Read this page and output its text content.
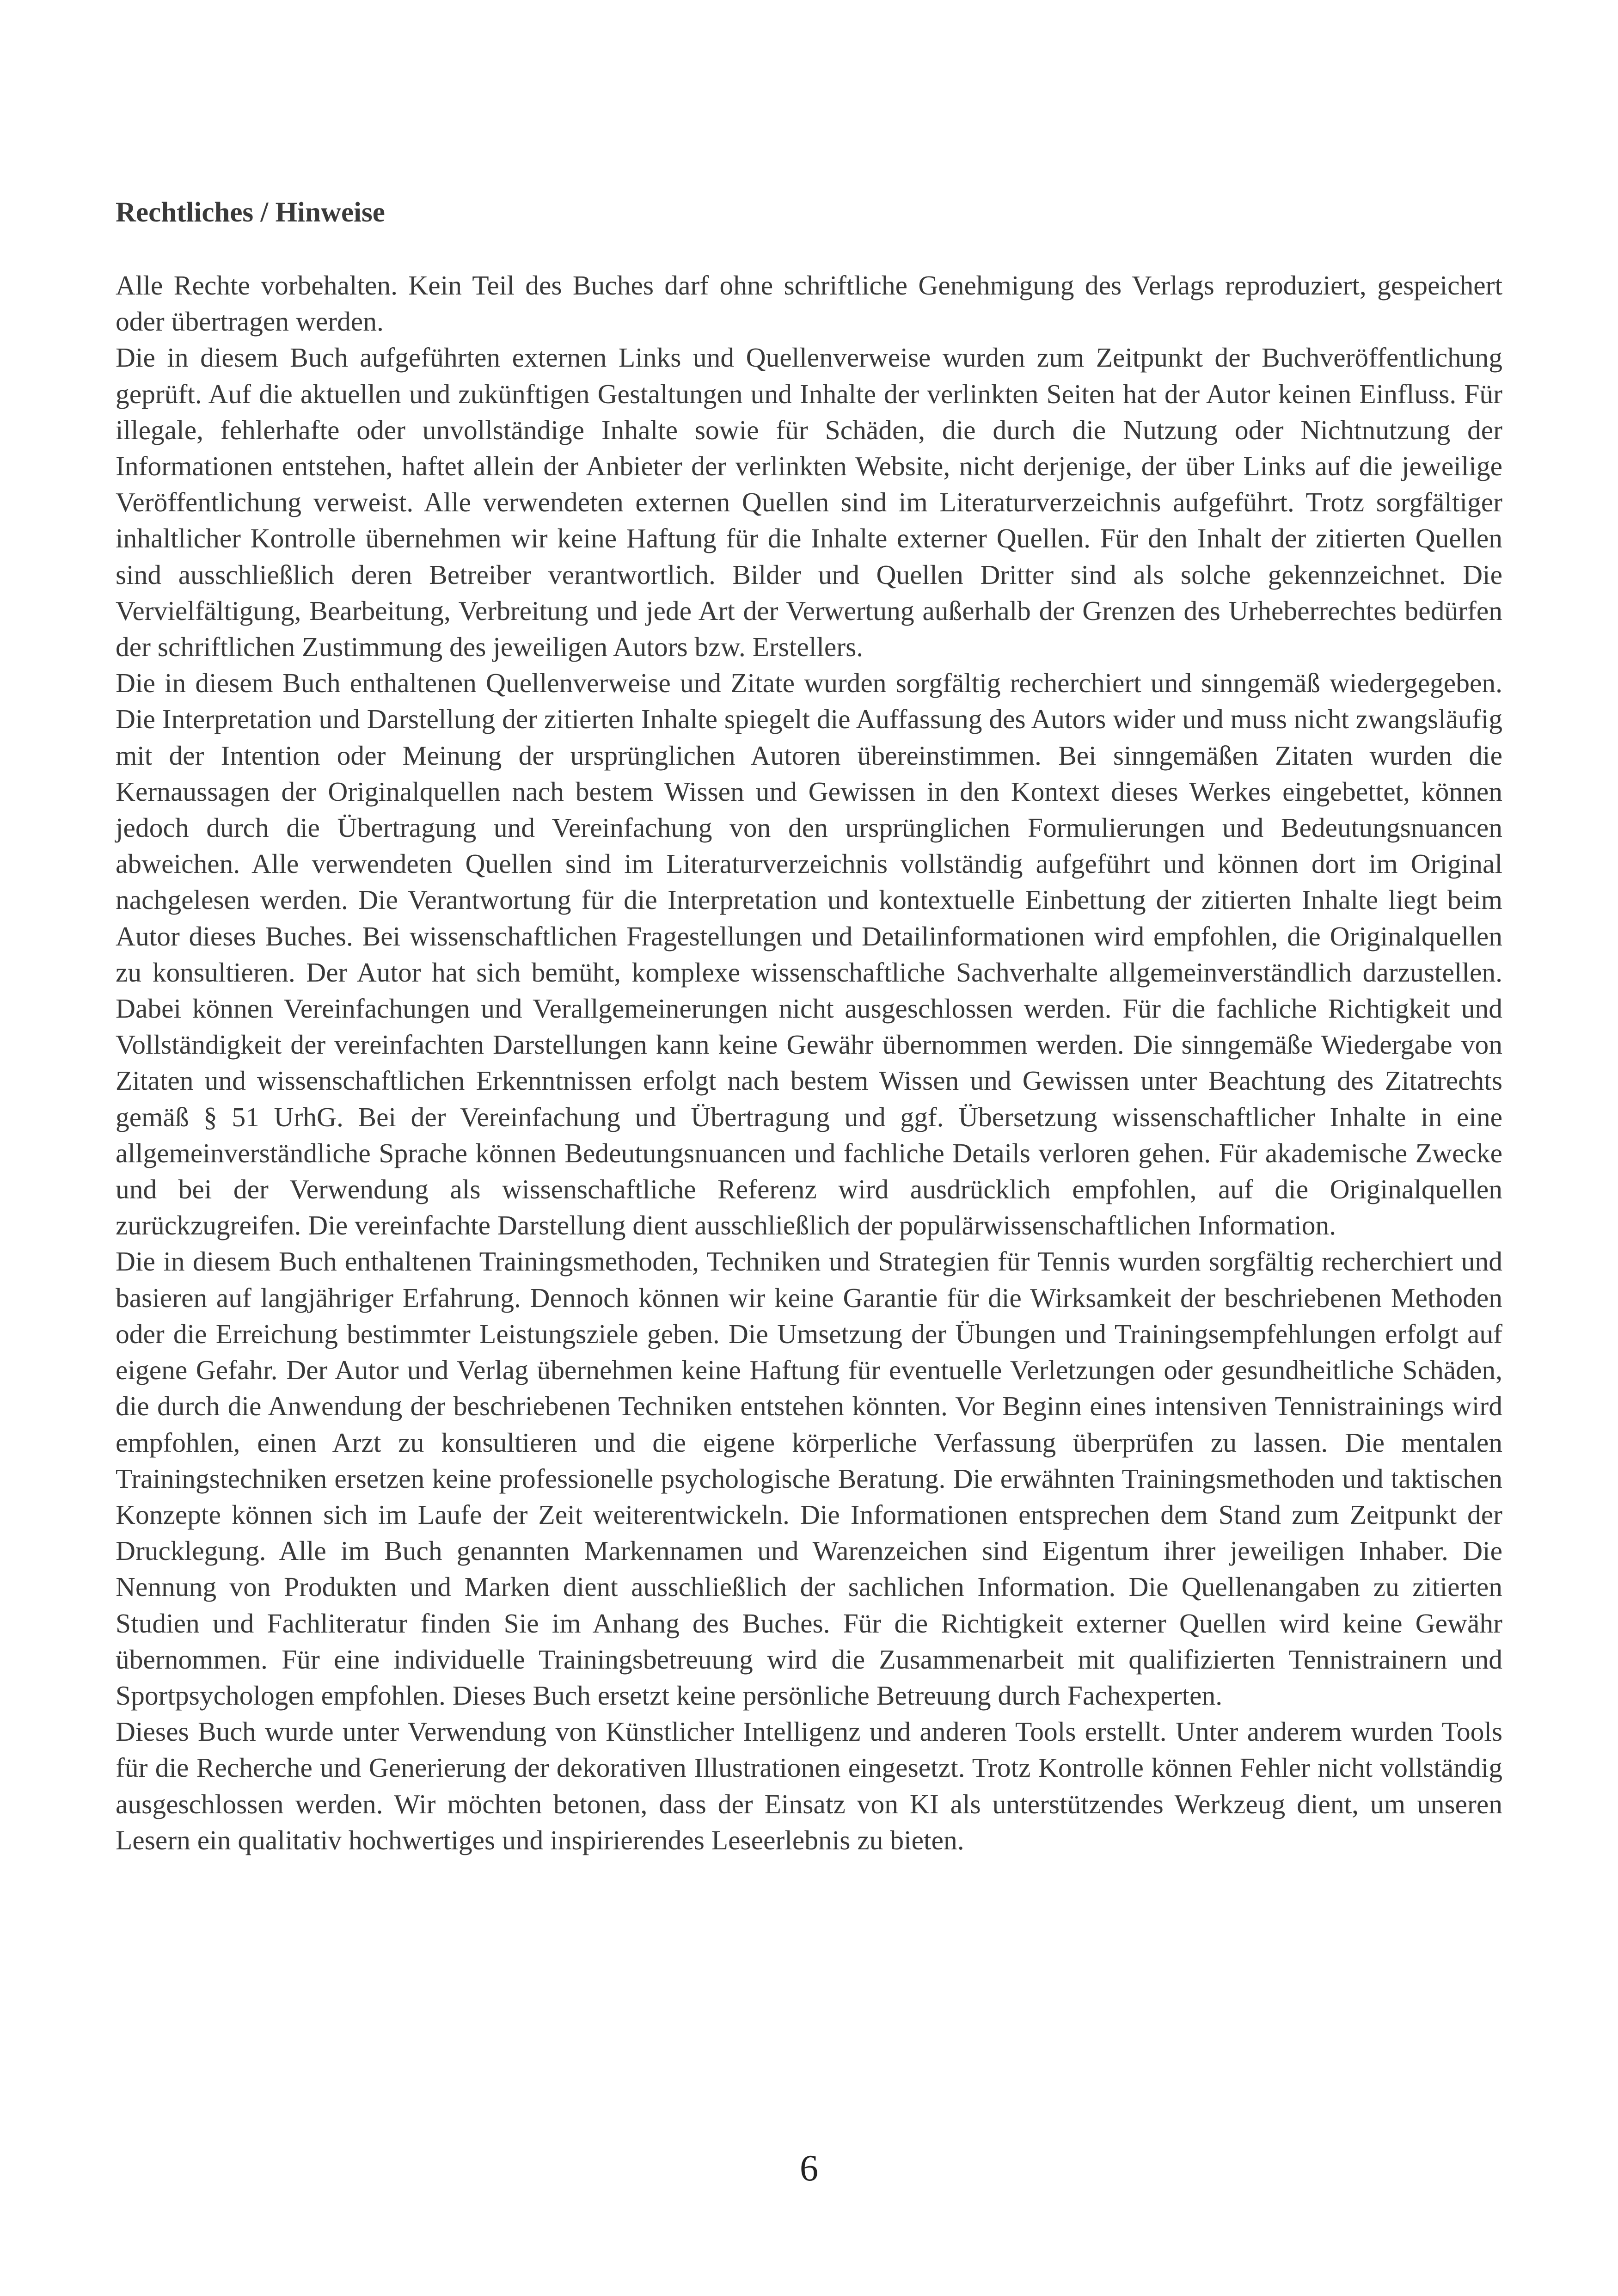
Rechtliches / Hinweise

Alle Rechte vorbehalten. Kein Teil des Buches darf ohne schriftliche Genehmigung des Verlags reproduziert, gespeichert oder übertragen werden.

Die in diesem Buch aufgeführten externen Links und Quellenverweise wurden zum Zeitpunkt der Buchveröffentlichung geprüft. Auf die aktuellen und zukünftigen Gestaltungen und Inhalte der verlinkten Seiten hat der Autor keinen Einfluss. Für illegale, fehlerhafte oder unvollständige Inhalte sowie für Schäden, die durch die Nutzung oder Nichtnutzung der Informationen entstehen, haftet allein der Anbieter der verlinkten Website, nicht derjenige, der über Links auf die jeweilige Veröffentlichung verweist. Alle verwendeten externen Quellen sind im Literaturverzeichnis aufgeführt. Trotz sorgfältiger inhaltlicher Kontrolle übernehmen wir keine Haftung für die Inhalte externer Quellen. Für den Inhalt der zitierten Quellen sind ausschließlich deren Betreiber verantwortlich. Bilder und Quellen Dritter sind als solche gekennzeichnet. Die Vervielfältigung, Bearbeitung, Verbreitung und jede Art der Verwertung außerhalb der Grenzen des Urheberrechtes bedürfen der schriftlichen Zustimmung des jeweiligen Autors bzw. Erstellers.

Die in diesem Buch enthaltenen Quellenverweise und Zitate wurden sorgfältig recherchiert und sinngemäß wiedergegeben. Die Interpretation und Darstellung der zitierten Inhalte spiegelt die Auffassung des Autors wider und muss nicht zwangsläufig mit der Intention oder Meinung der ursprünglichen Autoren übereinstimmen. Bei sinngemäßen Zitaten wurden die Kernaussagen der Originalquellen nach bestem Wissen und Gewissen in den Kontext dieses Werkes eingebettet, können jedoch durch die Übertragung und Vereinfachung von den ursprünglichen Formulierungen und Bedeutungsnuancen abweichen. Alle verwendeten Quellen sind im Literaturverzeichnis vollständig aufgeführt und können dort im Original nachgelesen werden. Die Verantwortung für die Interpretation und kontextuelle Einbettung der zitierten Inhalte liegt beim Autor dieses Buches. Bei wissenschaftlichen Fragestellungen und Detailinformationen wird empfohlen, die Originalquellen zu konsultieren. Der Autor hat sich bemüht, komplexe wissenschaftliche Sachverhalte allgemeinverständlich darzustellen. Dabei können Vereinfachungen und Verallgemeinerungen nicht ausgeschlossen werden. Für die fachliche Richtigkeit und Vollständigkeit der vereinfachten Darstellungen kann keine Gewähr übernommen werden. Die sinngemäße Wiedergabe von Zitaten und wissenschaftlichen Erkenntnissen erfolgt nach bestem Wissen und Gewissen unter Beachtung des Zitatrechts gemäß § 51 UrhG. Bei der Vereinfachung und Übertragung und ggf. Übersetzung wissenschaftlicher Inhalte in eine allgemeinverständliche Sprache können Bedeutungsnuancen und fachliche Details verloren gehen. Für akademische Zwecke und bei der Verwendung als wissenschaftliche Referenz wird ausdrücklich empfohlen, auf die Originalquellen zurückzugreifen. Die vereinfachte Darstellung dient ausschließlich der populärwissenschaftlichen Information.

Die in diesem Buch enthaltenen Trainingsmethoden, Techniken und Strategien für Tennis wurden sorgfältig recherchiert und basieren auf langjähriger Erfahrung. Dennoch können wir keine Garantie für die Wirksamkeit der beschriebenen Methoden oder die Erreichung bestimmter Leistungsziele geben. Die Umsetzung der Übungen und Trainingsempfehlungen erfolgt auf eigene Gefahr. Der Autor und Verlag übernehmen keine Haftung für eventuelle Verletzungen oder gesundheitliche Schäden, die durch die Anwendung der beschriebenen Techniken entstehen könnten. Vor Beginn eines intensiven Tennistrainings wird empfohlen, einen Arzt zu konsultieren und die eigene körperliche Verfassung überprüfen zu lassen. Die mentalen Trainingstechniken ersetzen keine professionelle psychologische Beratung. Die erwähnten Trainingsmethoden und taktischen Konzepte können sich im Laufe der Zeit weiterentwickeln. Die Informationen entsprechen dem Stand zum Zeitpunkt der Drucklegung. Alle im Buch genannten Markennamen und Warenzeichen sind Eigentum ihrer jeweiligen Inhaber. Die Nennung von Produkten und Marken dient ausschließlich der sachlichen Information. Die Quellenangaben zu zitierten Studien und Fachliteratur finden Sie im Anhang des Buches. Für die Richtigkeit externer Quellen wird keine Gewähr übernommen. Für eine individuelle Trainingsbetreuung wird die Zusammenarbeit mit qualifizierten Tennistrainern und Sportpsychologen empfohlen. Dieses Buch ersetzt keine persönliche Betreuung durch Fachexperten.

Dieses Buch wurde unter Verwendung von Künstlicher Intelligenz und anderen Tools erstellt. Unter anderem wurden Tools für die Recherche und Generierung der dekorativen Illustrationen eingesetzt. Trotz Kontrolle können Fehler nicht vollständig ausgeschlossen werden. Wir möchten betonen, dass der Einsatz von KI als unterstützendes Werkzeug dient, um unseren Lesern ein qualitativ hochwertiges und inspirierendes Leseerlebnis zu bieten.

6
